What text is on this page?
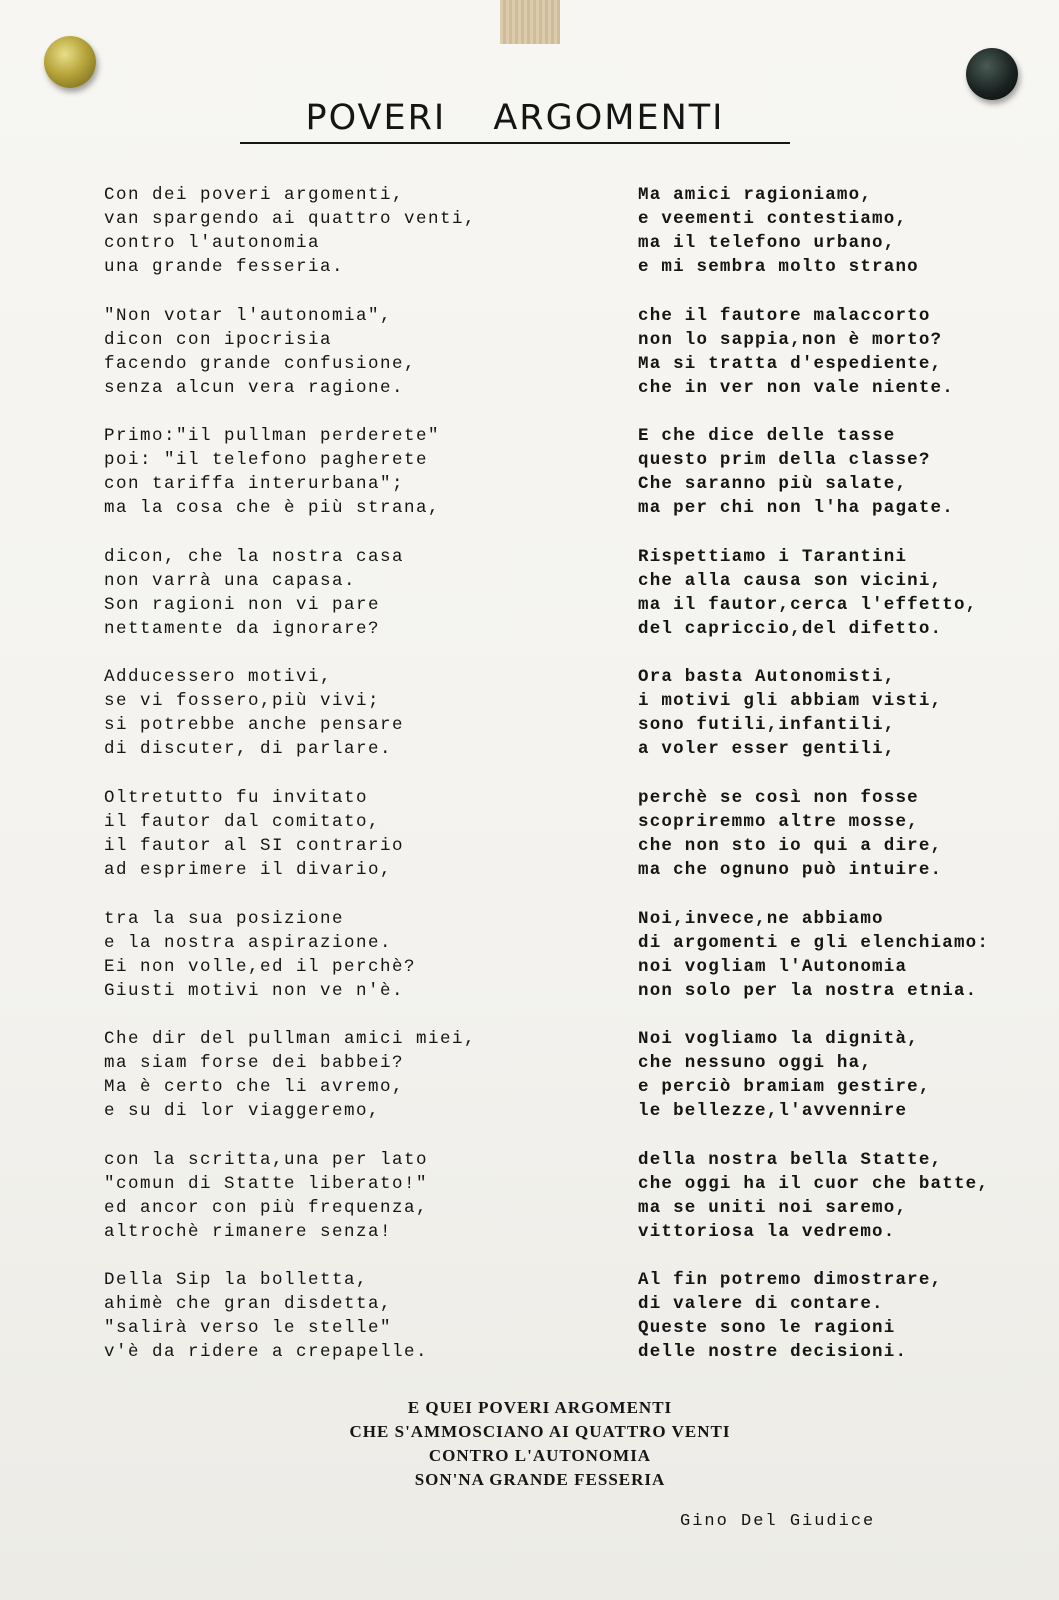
POVERI ARGOMENTI
Con dei poveri argomenti,
van spargendo ai quattro venti,
contro l'autonomia
una grande fesseria.
"Non votar l'autonomia",
dicon con ipocrisia
facendo grande confusione,
senza alcun vera ragione.
Primo:"il pullman perderete"
poi: "il telefono pagherete
con tariffa interurbana";
ma la cosa che è più strana,
dicon, che la nostra casa
non varrà una capasa.
Son ragioni non vi pare
nettamente da ignorare?
Adducessero motivi,
se vi fossero,più vivi;
si potrebbe anche pensare
di discuter, di parlare.
Oltretutto fu invitato
il fautor dal comitato,
il fautor al SI contrario
ad esprimere il divario,
tra la sua posizione
e la nostra aspirazione.
Ei non volle,ed il perchè?
Giusti motivi non ve n'è.
Che dir del pullman amici miei,
ma siam forse dei babbei?
Ma è certo che li avremo,
e su di lor viaggeremo,
con la scritta,una per lato
"comun di Statte liberato!"
ed ancor con più frequenza,
altrochè rimanere senza!
Della Sip la bolletta,
ahimè che gran disdetta,
"salirà verso le stelle"
v'è da ridere a crepapelle.
Ma amici ragioniamo,
e veementi contestiamo,
ma il telefono urbano,
e mi sembra molto strano
che il fautore malaccorto
non lo sappia,non è morto?
Ma si tratta d'espediente,
che in ver non vale niente.
E che dice delle tasse
questo prim della classe?
Che saranno più salate,
ma per chi non l'ha pagate.
Rispettiamo i Tarantini
che alla causa son vicini,
ma il fautor,cerca l'effetto,
del capriccio,del difetto.
Ora basta Autonomisti,
i motivi gli abbiam visti,
sono futili,infantili,
a voler esser gentili,
perchè se così non fosse
scopriremmo altre mosse,
che non sto io qui a dire,
ma che ognuno può intuire.
Noi,invece,ne abbiamo
di argomenti e gli elenchiamo:
noi vogliam l'Autonomia
non solo per la nostra etnia.
Noi vogliamo la dignità,
che nessuno oggi ha,
e perciò bramiam gestire,
le bellezze,l'avvennire
della nostra bella Statte,
che oggi ha il cuor che batte,
ma se uniti noi saremo,
vittoriosa la vedremo.
Al fin potremo dimostrare,
di valere di contare.
Queste sono le ragioni
delle nostre decisioni.
E QUEI POVERI ARGOMENTI
CHE S'AMMOSCIANO AI QUATTRO VENTI
CONTRO L'AUTONOMIA
SON'NA GRANDE FESSERIA
Gino Del Giudice
